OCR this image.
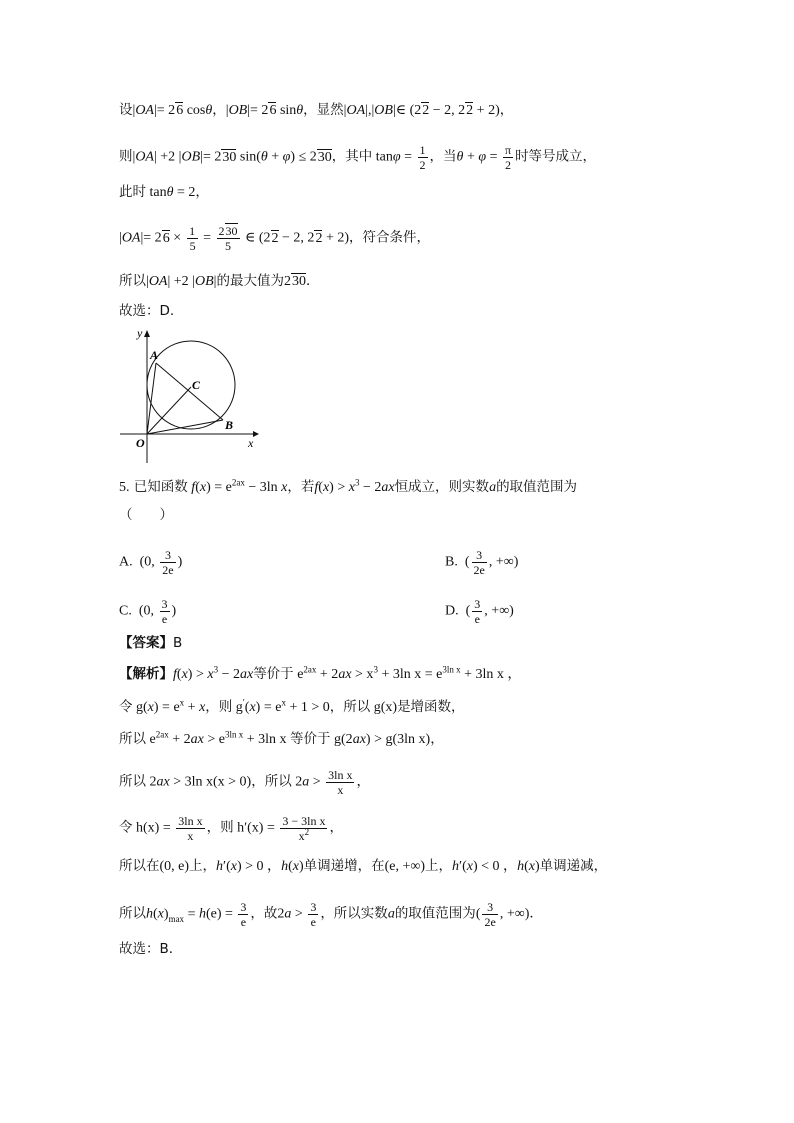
设|OA|= 26 cosθ，|OB|= 26 sinθ，显然|OA|,|OB|∈ (22 − 2, 22 + 2)，
则|OA| +2 |OB|= 230 sin(θ + φ) ≤ 230，其中 $\tan\varphi = \frac{1}{2}$ ，当$\theta + \varphi = \frac{\pi}{2}$ 时等号成立，
此时 tanθ = 2，
$|OA|= 26 \times \frac{1}{5} = \frac{230}{5}$ ∈ (22 − 2, 22 + 2)，符合条件，
所以|OA| +2 |OB|的最大值为230．
故选：D.
y
x
O
A
B
C
5. 已知函数 $f(x) = e^{2ax} - 3\ln$ x，若$f(x) > x^3 - 2ax$恒成立，则实数a的取值范围为
（　　）
A.  (0, $\frac{3}{2e}$ )	B.  ( $\frac{3}{2e}$ , +∞)
C.  (0, $\frac{3}{e}$ )	D.  ( $\frac{3}{e}$ , +∞)
【答案】B
【解析】$f(x) > x^3 - 2ax$等价于 $e^{2ax} + 2ax > x^3 + 3\ln$ $x = e^{3ln x} + 3\ln$ x ，
令 $g(x) = e^x + x$，则 $g'(x) = e^x + 1 > 0$，所以 g(x)是增函数，
所以 $e^{2ax} + 2ax > e^{3ln x} + 3\ln$ x 等价于 g(2ax) > g(3ln x)，
所以 2ax > 3ln x(x > 0)，所以 $2a > \frac{\text{3ln x}}{x}$ ，
令 $h(x) = \frac{\text{3ln x}}{x}$ ，则 $h'(x) = \frac{\text{3 − 3ln x}}{x^2}$ ，
所以在(0, e)上，h′(x) > 0 ，h(x)单调递增，在(e, +∞)上，h′(x) < 0 ，h(x)单调递减，
所以$h(x)_{max} = h(e) = \frac{3}{e}$ ，故$2a > \frac{3}{e}$ ，所以实数a的取值范围为( $\frac{3}{2e}$ , +∞)．
故选：B．
